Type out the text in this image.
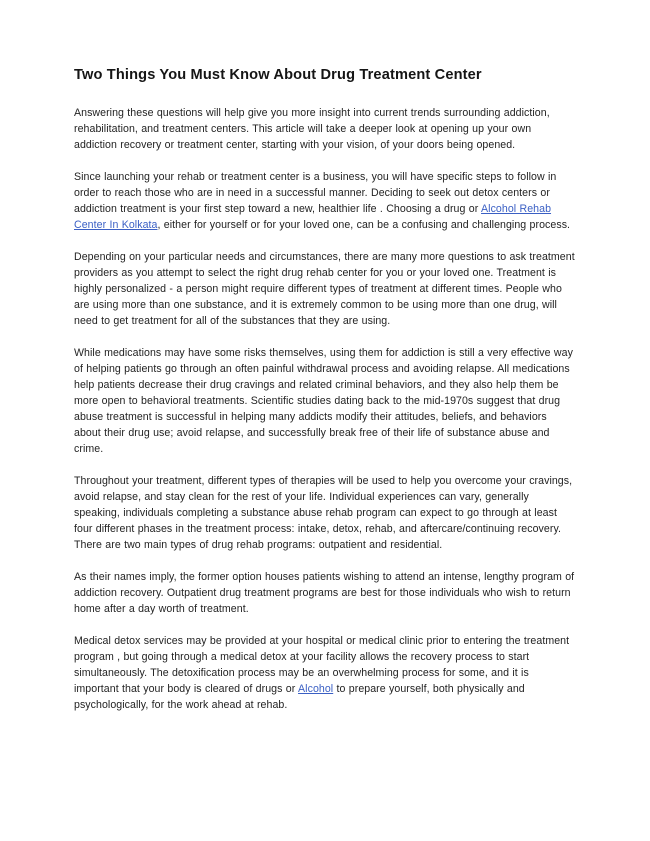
Two Things You Must Know About Drug Treatment Center

Answering these questions will help give you more insight into current trends surrounding addiction, rehabilitation, and treatment centers. This article will take a deeper look at opening up your own addiction recovery or treatment center, starting with your vision, of your doors being opened.

Since launching your rehab or treatment center is a business, you will have specific steps to follow in order to reach those who are in need in a successful manner. Deciding to seek out detox centers or addiction treatment is your first step toward a new, healthier life . Choosing a drug or Alcohol Rehab Center In Kolkata, either for yourself or for your loved one, can be a confusing and challenging process.

Depending on your particular needs and circumstances, there are many more questions to ask treatment providers as you attempt to select the right drug rehab center for you or your loved one. Treatment is highly personalized - a person might require different types of treatment at different times. People who are using more than one substance, and it is extremely common to be using more than one drug, will need to get treatment for all of the substances that they are using.

While medications may have some risks themselves, using them for addiction is still a very effective way of helping patients go through an often painful withdrawal process and avoiding relapse. All medications help patients decrease their drug cravings and related criminal behaviors, and they also help them be more open to behavioral treatments. Scientific studies dating back to the mid-1970s suggest that drug abuse treatment is successful in helping many addicts modify their attitudes, beliefs, and behaviors about their drug use; avoid relapse, and successfully break free of their life of substance abuse and crime.

Throughout your treatment, different types of therapies will be used to help you overcome your cravings, avoid relapse, and stay clean for the rest of your life. Individual experiences can vary, generally speaking, individuals completing a substance abuse rehab program can expect to go through at least four different phases in the treatment process: intake, detox, rehab, and aftercare/continuing recovery. There are two main types of drug rehab programs: outpatient and residential.

As their names imply, the former option houses patients wishing to attend an intense, lengthy program of addiction recovery. Outpatient drug treatment programs are best for those individuals who wish to return home after a day worth of treatment.

Medical detox services may be provided at your hospital or medical clinic prior to entering the treatment program , but going through a medical detox at your facility allows the recovery process to start simultaneously. The detoxification process may be an overwhelming process for some, and it is important that your body is cleared of drugs or Alcohol to prepare yourself, both physically and psychologically, for the work ahead at rehab.
